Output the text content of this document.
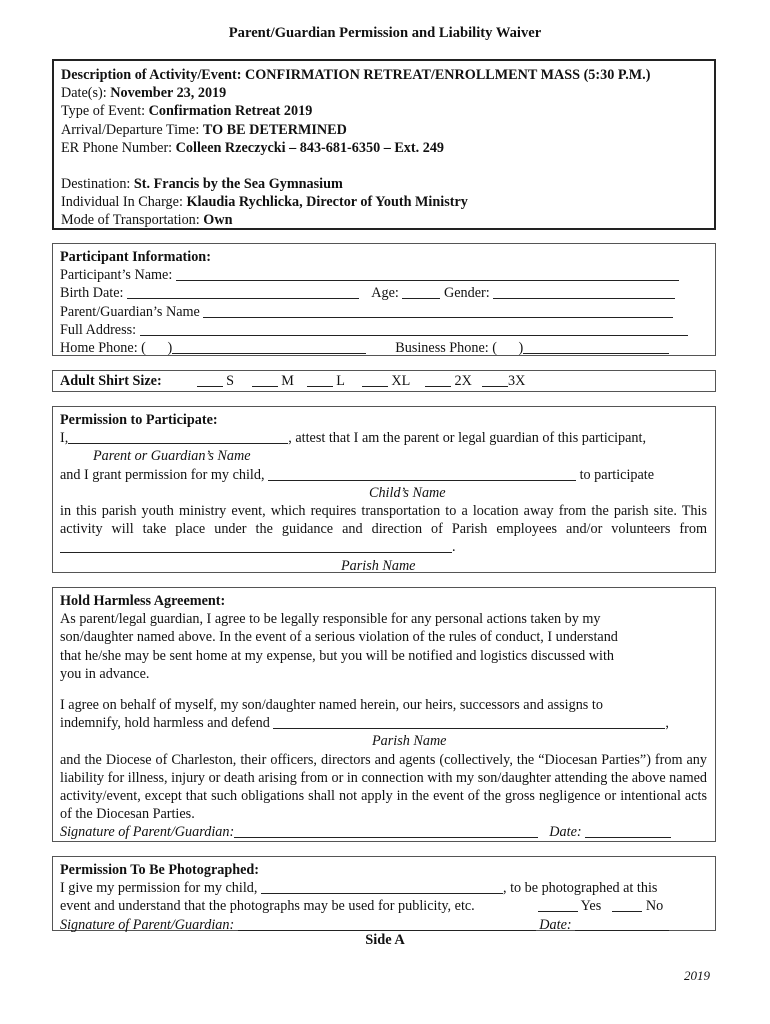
Parent/Guardian Permission and Liability Waiver
Description of Activity/Event: CONFIRMATION RETREAT/ENROLLMENT MASS (5:30 P.M.)
Date(s): November 23, 2019
Type of Event: Confirmation Retreat 2019
Arrival/Departure Time: TO BE DETERMINED
ER Phone Number: Colleen Rzeczycki – 843-681-6350 – Ext. 249
Destination: St. Francis by the Sea Gymnasium
Individual In Charge: Klaudia Rychlicka, Director of Youth Ministry
Mode of Transportation: Own
Participant Information:
Participant’s Name:
Birth Date:	Age:	Gender:
Parent/Guardian’s Name
Full Address:
Home Phone: ( )	Business Phone: ( )
Adult Shirt Size:	S	M	L	XL	2X	3X
Permission to Participate:
I,	, attest that I am the parent or legal guardian of this participant,
Parent or Guardian’s Name
and I grant permission for my child,	to participate
Child’s Name
in this parish youth ministry event, which requires transportation to a location away from the parish site. This activity will take place under the guidance and direction of Parish employees and/or volunteers from .
Parish Name
Hold Harmless Agreement:
As parent/legal guardian, I agree to be legally responsible for any personal actions taken by my
son/daughter named above. In the event of a serious violation of the rules of conduct, I understand
that he/she may be sent home at my expense, but you will be notified and logistics discussed with
you in advance.
I agree on behalf of myself, my son/daughter named herein, our heirs, successors and assigns to
indemnify, hold harmless and defend	,
Parish Name
and the Diocese of Charleston, their officers, directors and agents (collectively, the “Diocesan Parties”) from any liability for illness, injury or death arising from or in connection with my son/daughter attending the above named activity/event, except that such obligations shall not apply in the event of the gross negligence or intentional acts of the Diocesan Parties.
Signature of Parent/Guardian:	Date:
Permission To Be Photographed:
I give my permission for my child,	, to be photographed at this
event and understand that the photographs may be used for publicity, etc.	Yes	No
Signature of Parent/Guardian:	Date:
Side A
2019
